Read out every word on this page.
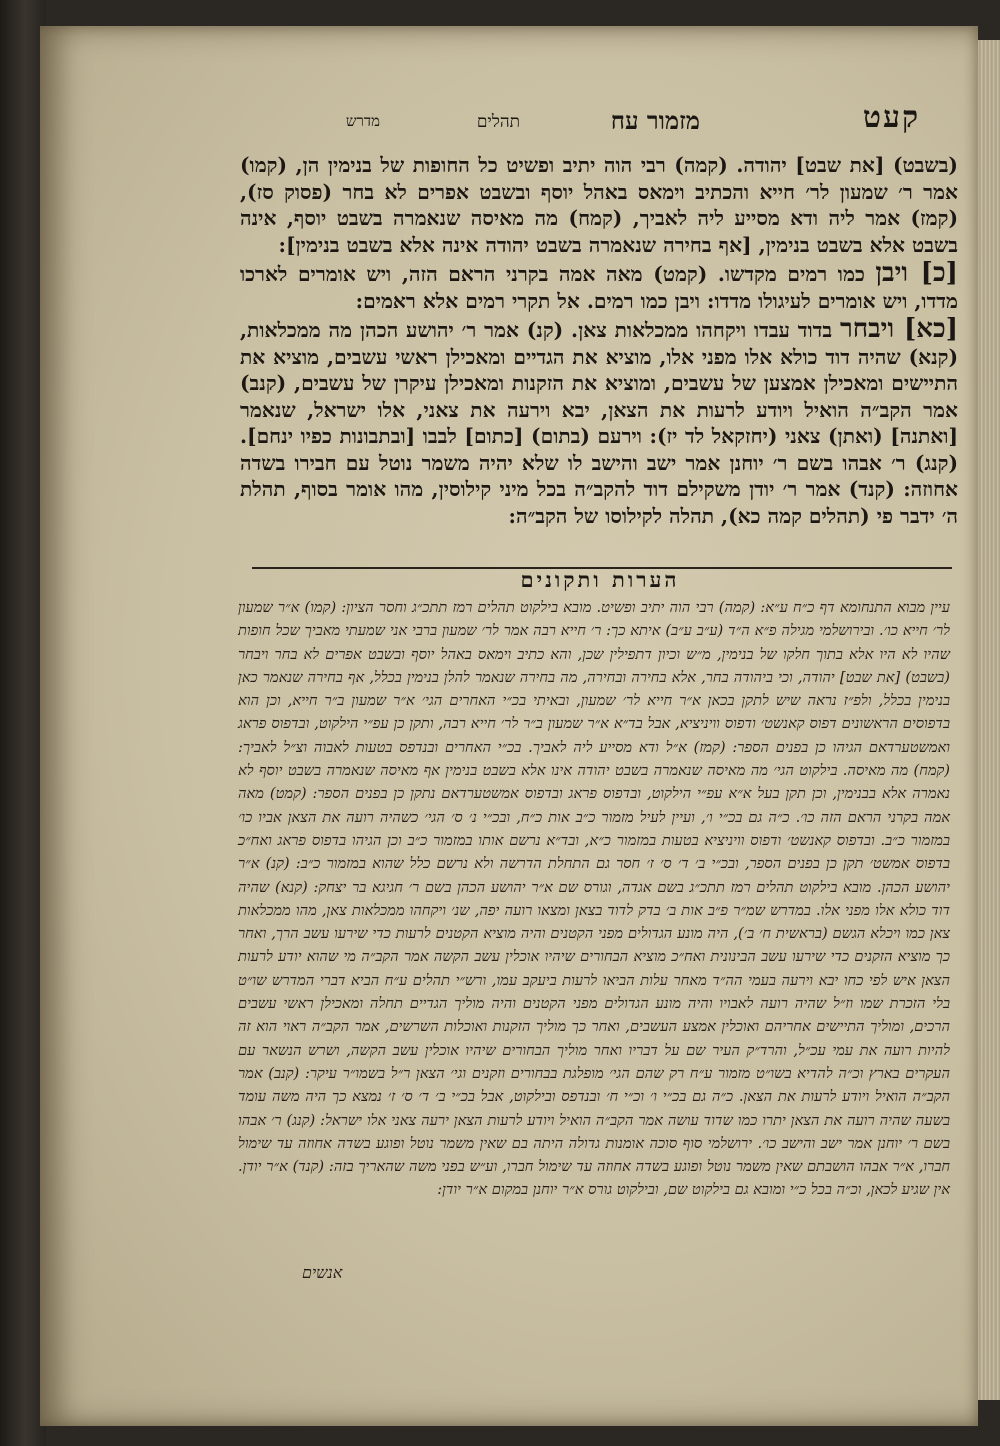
קעט
מזמור עח
תהלים
מדרש

(בשבט) [את שבט] יהודה. (קמה) רבי הוה יתיב ופשיט כל החופות של בנימין הן, (קמו) אמר ר׳ שמעון לר׳ חייא והכתיב וימאס באהל יוסף ובשבט אפרים לא בחר (פסוק סז), (קמז) אמר ליה ודא מסייע ליה לאביך, (קמח) מה מאיסה שנאמרה בשבט יוסף, אינה בשבט אלא בשבט בנימין, [אף בחירה שנאמרה בשבט יהודה אינה אלא בשבט בנימין]:

[כ] ויבן כמו רמים מקדשו. (קמט) מאה אמה בקרני הראם הזה, ויש אומרים לארכו מדדו, ויש אומרים לעיגולו מדדו: ויבן כמו רמים. אל תקרי רמים אלא ראמים:

[כא] ויבחר בדוד עבדו ויקחהו ממכלאות צאן. (קנ) אמר ר׳ יהושע הכהן מה ממכלאות, (קנא) שהיה דוד כולא אלו מפני אלו, מוציא את הגדיים ומאכילן ראשי עשבים, מוציא את התיישים ומאכילן אמצען של עשבים, ומוציא את הזקנות ומאכילן עיקרן של עשבים, (קנב) אמר הקב״ה הואיל ויודע לרעות את הצאן, יבא וירעה את צאני, אלו ישראל, שנאמר [ואתנה] (ואתן) צאני (יחזקאל לד יז): וירעם (בתום) [כתום] לבבו [ובתבונות כפיו ינחם]. (קנג) ר׳ אבהו בשם ר׳ יוחנן אמר ישב והישב לו שלא יהיה משמר נוטל עם חבירו בשדה אחוזה: (קנד) אמר ר׳ יודן משקילם דוד להקב״ה בכל מיני קילוסין, מהו אומר בסוף, תהלת ה׳ ידבר פי (תהלים קמה כא), תהלה לקילוסו של הקב״ה:

הערות ותקונים
עיין מבוא התנחומא דף כ״ח ע״א: (קמה) רבי הוה יתיב ופשיט. מובא בילקוט תהלים רמז תתכ״ג וחסר הציון: (קמו) א״ר שמעון לר׳ חייא כו׳. ובירושלמי מגילה פ״א ה״ד (ע״ב ע״ב) איתא כך: ר׳ חייא רבה אמר לר׳ שמעון ברבי אני שמעתי מאביך שכל חופות שהיו לא היו אלא בתוך חלקו של בנימין, מ״ש וכיון דתפילין שכן, והא כתיב וימאס באהל יוסף ובשבט אפרים לא בחר ויבחר (בשבט) [את שבט] יהודה, וכי ביהודה בחר, אלא בחירה ובחירה, מה בחירה שנאמר להלן בנימין בכלל, אף בחירה שנאמר כאן בנימין בכלל, ולפ״ז נראה שיש לתקן בכאן א״ר חייא לר׳ שמעון, ובאיתי בכ״י האחרים הגי׳ א״ר שמעון ב״ר חייא, וכן הוא בדפוסים הראשונים דפוס קאנשט׳ ודפוס וויניציא, אבל בד״א א״ר שמעון ב״ר לר׳ חייא רבה, ותקן כן עפ״י הילקוט, ובדפוס פראג ואמשטערדאם הגיהו כן בפנים הספר: (קמז) א״ל ודא מסייע ליה לאביך. בכ״י האחרים ובנדפס בטעות לאבוה וצ״ל לאביך: (קמח) מה מאיסה. בילקוט הגי׳ מה מאיסה שנאמרה בשבט יהודה אינו אלא בשבט בנימין אף מאיסה שנאמרה בשבט יוסף לא נאמרה אלא בבנימין, וכן תקן בעל א״א עפ״י הילקוט, ובדפוס פראג ובדפוס אמשטערדאם נתקן כן בפנים הספר: (קמט) מאה אמה בקרני הראם הזה כו׳. כ״ה גם בכ״י ו׳, ועיין לעיל מזמור כ״ב אות כ״ח, ובכ״י נ׳ ס׳ הגי׳ כשהיה רועה את הצאן אביו כו׳ במזמור כ״ב. ובדפוס קאנשט׳ ודפוס וויניציא בטעות במזמור כ״א, ובד״א נרשם אותו במזמור כ״ב וכן הגיהו בדפוס פראג ואח״כ בדפוס אמשט׳ תקן כן בפנים הספר, ובכ״י ב׳ ד׳ ס׳ ז׳ חסר גם התחלת הדרשה ולא נרשם כלל שהוא במזמור כ״ב: (קנ) א״ר יהושע הכהן. מובא בילקוט תהלים רמז תתכ״ג בשם אגדה, וגורס שם א״ר יהושע הכהן בשם ר׳ חגיגא בר יצחק: (קנא) שהיה דוד כולא אלו מפני אלו. במדרש שמ״ר פ״ב אות ב׳ בדק לדוד בצאן ומצאו רועה יפה, שנ׳ ויקחהו ממכלאות צאן, מהו ממכלאות צאן כמו ויכלא הגשם (בראשית ח׳ ב׳), היה מונע הגדולים מפני הקטנים והיה מוציא הקטנים לרעות כדי שירעו עשב הרך, ואחר כך מוציא הזקנים כדי שירעו עשב הבינונית ואח״כ מוציא הבחורים שיהיו אוכלין עשב הקשה אמר הקב״ה מי שהוא יודע לרעות הצאן איש לפי כחו יבא וירעה בעמי הה״ד מאחר עלות הביאו לרעות ביעקב עמו, ורש״י תהלים ע״ח הביא דברי המדרש שו״ט בלי הזכרת שמו וז״ל שהיה רועה לאבויו והיה מונע הגדולים מפני הקטנים והיה מוליך הגדיים תחלה ומאכילן ראשי עשבים הרכים, ומוליך התיישים אחריהם ואוכלין אמצע העשבים, ואחר כך מוליך הזקנות ואוכלות השרשים, אמר הקב״ה ראוי הוא זה להיות רועה את עמי עכ״ל, והרד״ק העיר שם על דבריו ואחר מוליך הבחורים שיהיו אוכלין עשב הקשה, ושרש הנשאר עם העקרים בארץ וכ״ה להדיא בשו״ט מזמור ע״ח רק שהם הגי׳ מופלגת בבחורים וזקנים וגי׳ הצאן ר״ל בשמו״ר עיקר: (קנב) אמר הקב״ה הואיל ויודע לרעות את הצאן. כ״ה גם בכ״י ו׳ וכ״י ח׳ ובנדפס ובילקוט, אבל בכ״י ב׳ ד׳ ס׳ ז׳ נמצא כך היה משה עומד בשעה שהיה רועה את הצאן יתרו כמו שדוד עושה אמר הקב״ה הואיל ויודע לרעות הצאן ירעה צאני אלו ישראל: (קנג) ר׳ אבהו בשם ר׳ יוחנן אמר ישב והישב כו׳. ירושלמי סוף סוכה אומנות גדולה היתה בם שאין משמר נוטל ופוגע בשדה אחוזה עד שימול חברו, א״ר אבהו הושבתם שאין משמר נוטל ופוגע בשדה אחוזה עד שימול חברו, וע״ש בפני משה שהאריך בזה: (קנד) א״ר יודן. אין שגיע לכאן, וכ״ה בכל כ״י ומובא גם בילקוט שם, ובילקוט גורס א״ר יוחנן במקום א״ר יודן:
אנשים
